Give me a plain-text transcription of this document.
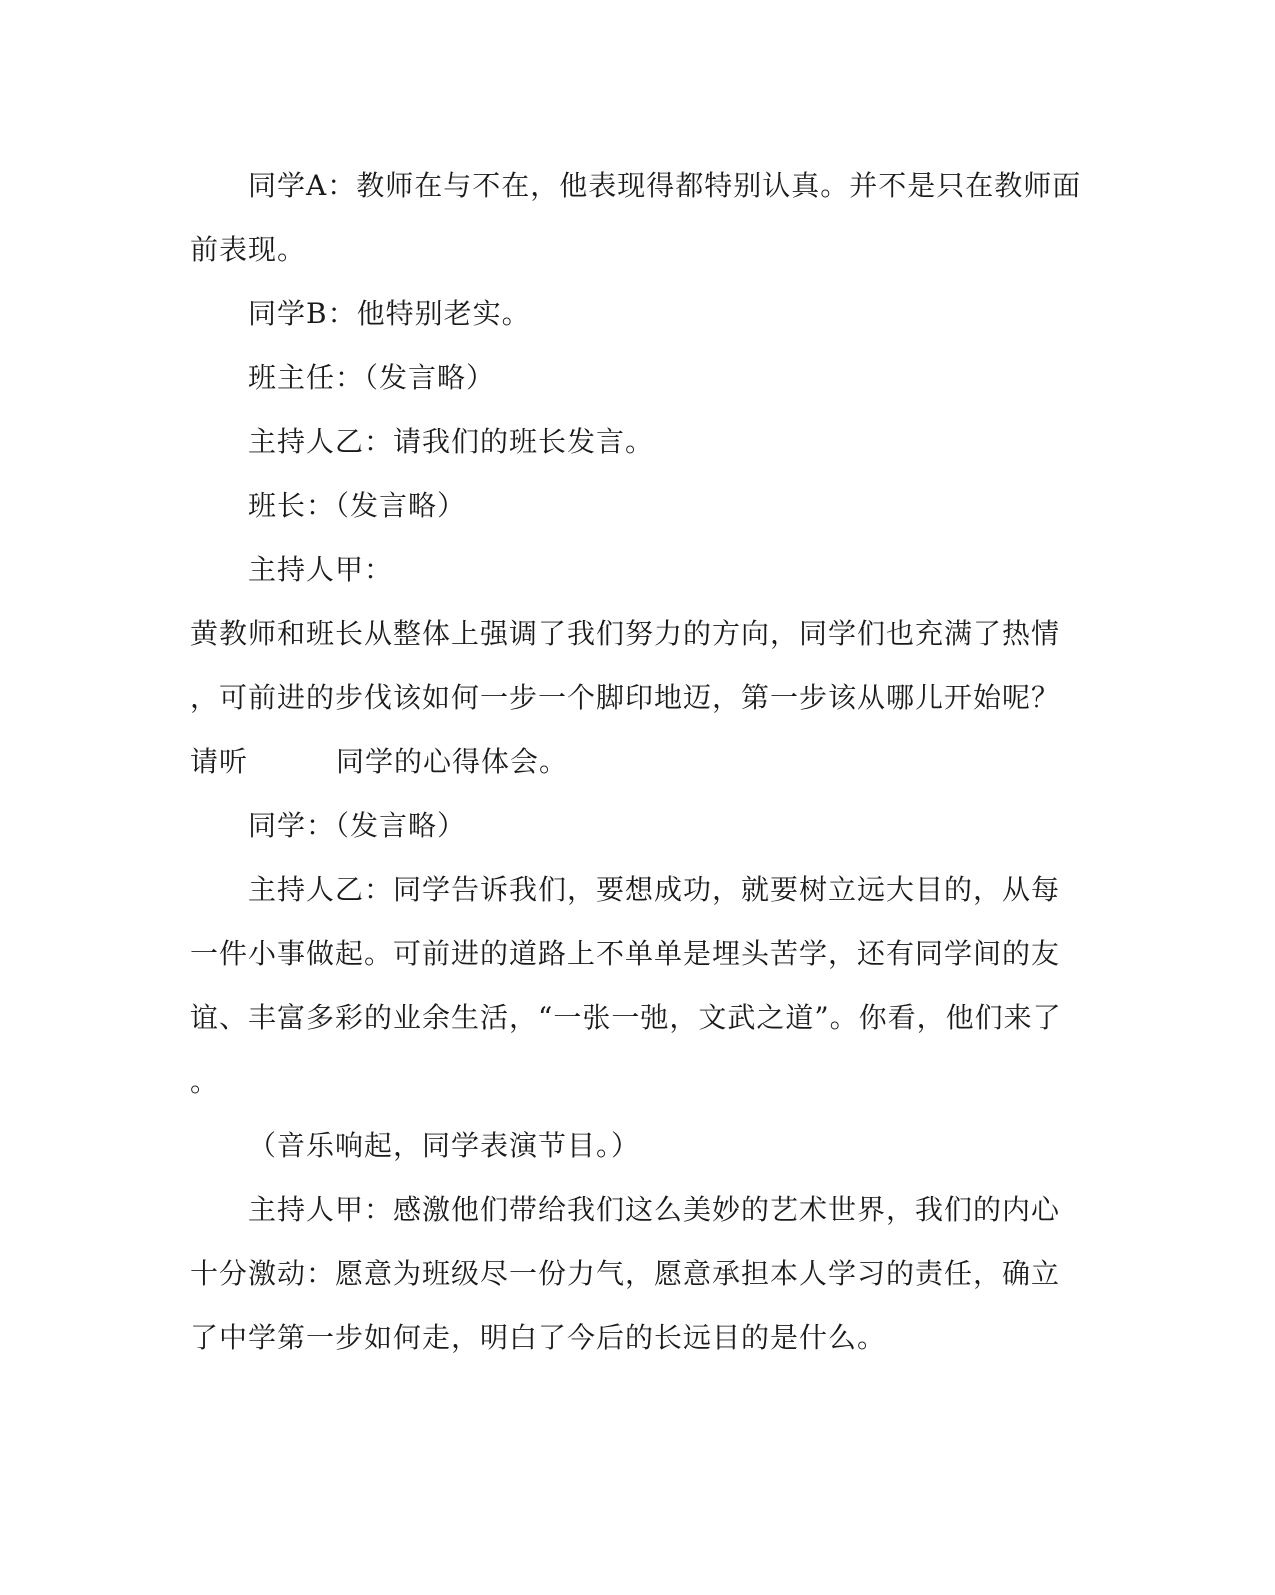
同学A：教师在与不在，他表现得都特别认真。并不是只在教师面
前表现。
同学B：他特别老实。
班主任：（发言略）
主持人乙：请我们的班长发言。
班长：（发言略）
主持人甲：
黄教师和班长从整体上强调了我们努力的方向，同学们也充满了热情
，可前进的步伐该如何一步一个脚印地迈，第一步该从哪儿开始呢？
请听	同学的心得体会。
同学：（发言略）
主持人乙：同学告诉我们，要想成功，就要树立远大目的，从每
一件小事做起。可前进的道路上不单单是埋头苦学，还有同学间的友
谊、丰富多彩的业余生活，“一张一弛，文武之道”。你看，他们来了
。
（音乐响起，同学表演节目。）
主持人甲：感激他们带给我们这么美妙的艺术世界，我们的内心
十分激动：愿意为班级尽一份力气，愿意承担本人学习的责任，确立
了中学第一步如何走，明白了今后的长远目的是什么。
